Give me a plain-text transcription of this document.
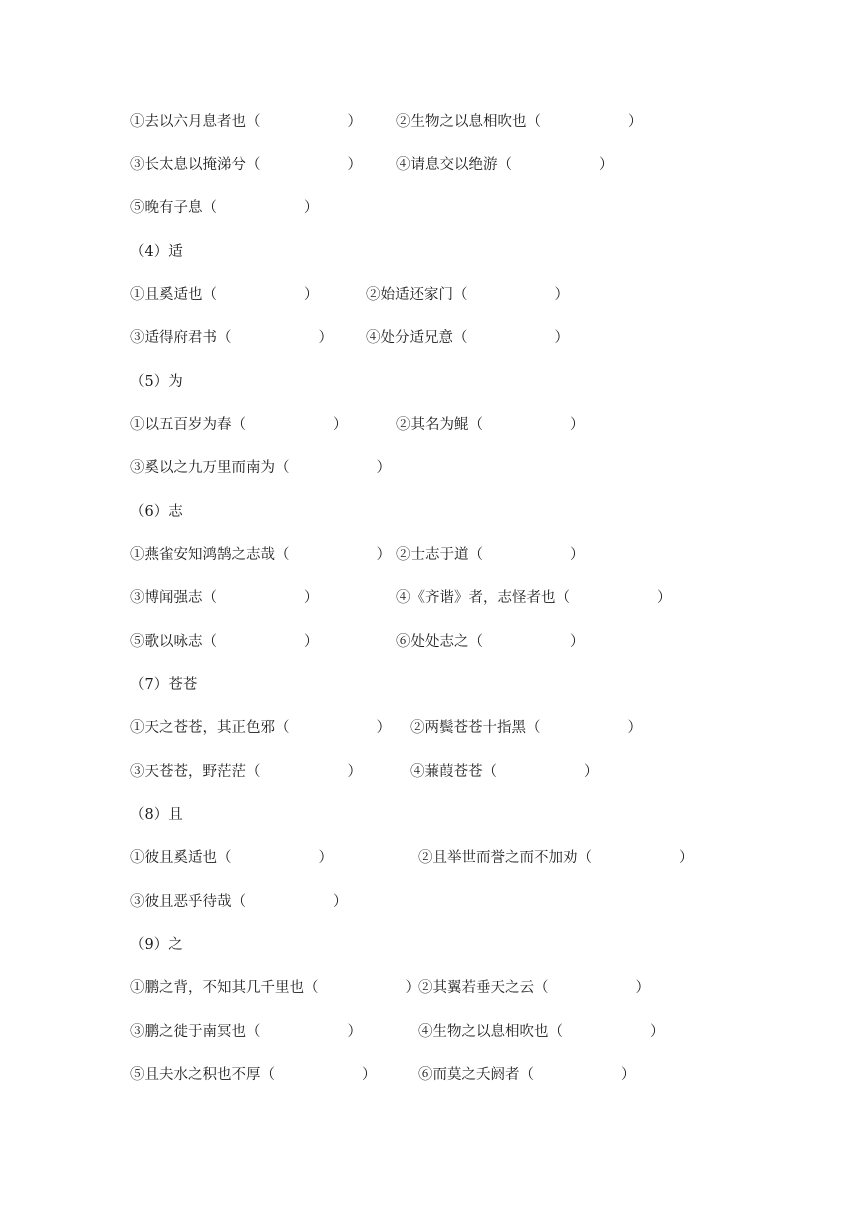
①去以六月息者也（　　　　　　） ②生物之以息相吹也（　　　　　　）
③长太息以掩涕兮（　　　　　　） ④请息交以绝游（　　　　　　）
⑤晚有子息（　　　　　　）
（4）适
①且奚适也（　　　　　　）	②始适还家门（　　　　　　）
③适得府君书（　　　　　　） ④处分适兄意（　　　　　　）
（5）为
①以五百岁为春（　　　　　　）	②其名为鲲（　　　　　　）
③奚以之九万里而南为（　　　　　　）
（6）志
①燕雀安知鸿鹄之志哉（　　　　　　） ②士志于道（　　　　　　）
③博闻强志（　　　　　　）	④《齐谐》者，志怪者也（　　　　　　）
⑤歌以咏志（　　　　　　）	⑥处处志之（　　　　　　）
（7）苍苍
①天之苍苍，其正色邪（　　　　　　） ②两鬓苍苍十指黑（　　　　　　）
③天苍苍，野茫茫（　　　　　　）	④蒹葭苍苍（　　　　　　）
（8）且
①彼且奚适也（　　　　　　）	②且举世而誉之而不加劝（　　　　　　）
③彼且恶乎待哉（　　　　　　）
（9）之
①鹏之背，不知其几千里也（　　　　　　）
②其翼若垂天之云（　　　　　　）
③鹏之徙于南冥也（　　　　　　）	④生物之以息相吹也（　　　　　　）
⑤且夫水之积也不厚（　　　　　　）	⑥而莫之夭阏者（　　　　　　）
